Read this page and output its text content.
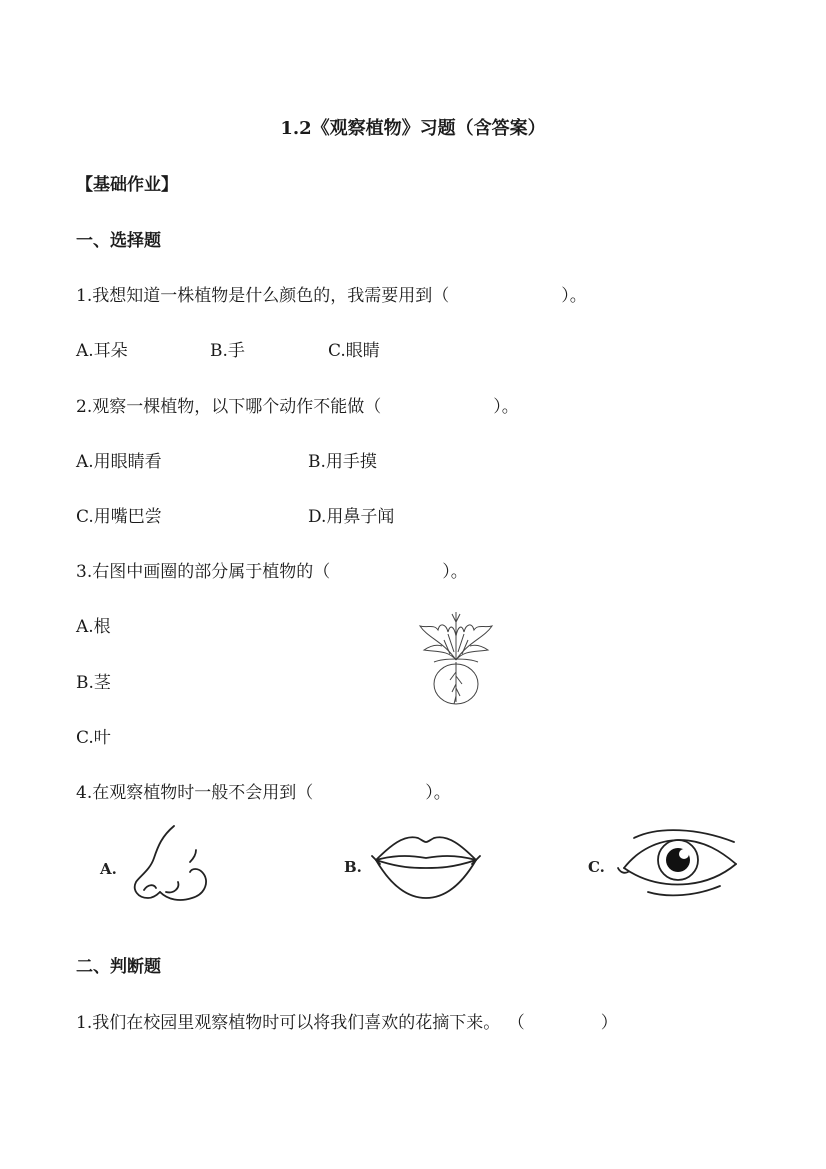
1.2《观察植物》习题（含答案）
【基础作业】
一、选择题
1.我想知道一株植物是什么颜色的，我需要用到（	）。
A.耳朵	B.手	C.眼睛
2.观察一棵植物，以下哪个动作不能做（	）。
A.用眼睛看	B.用手摸
C.用嘴巴尝	D.用鼻子闻
3.右图中画圈的部分属于植物的（	）。
A.根
B.茎
C.叶
4.在观察植物时一般不会用到（	）。
A.	B.	C.
二、判断题
1.我们在校园里观察植物时可以将我们喜欢的花摘下来。 （	）
